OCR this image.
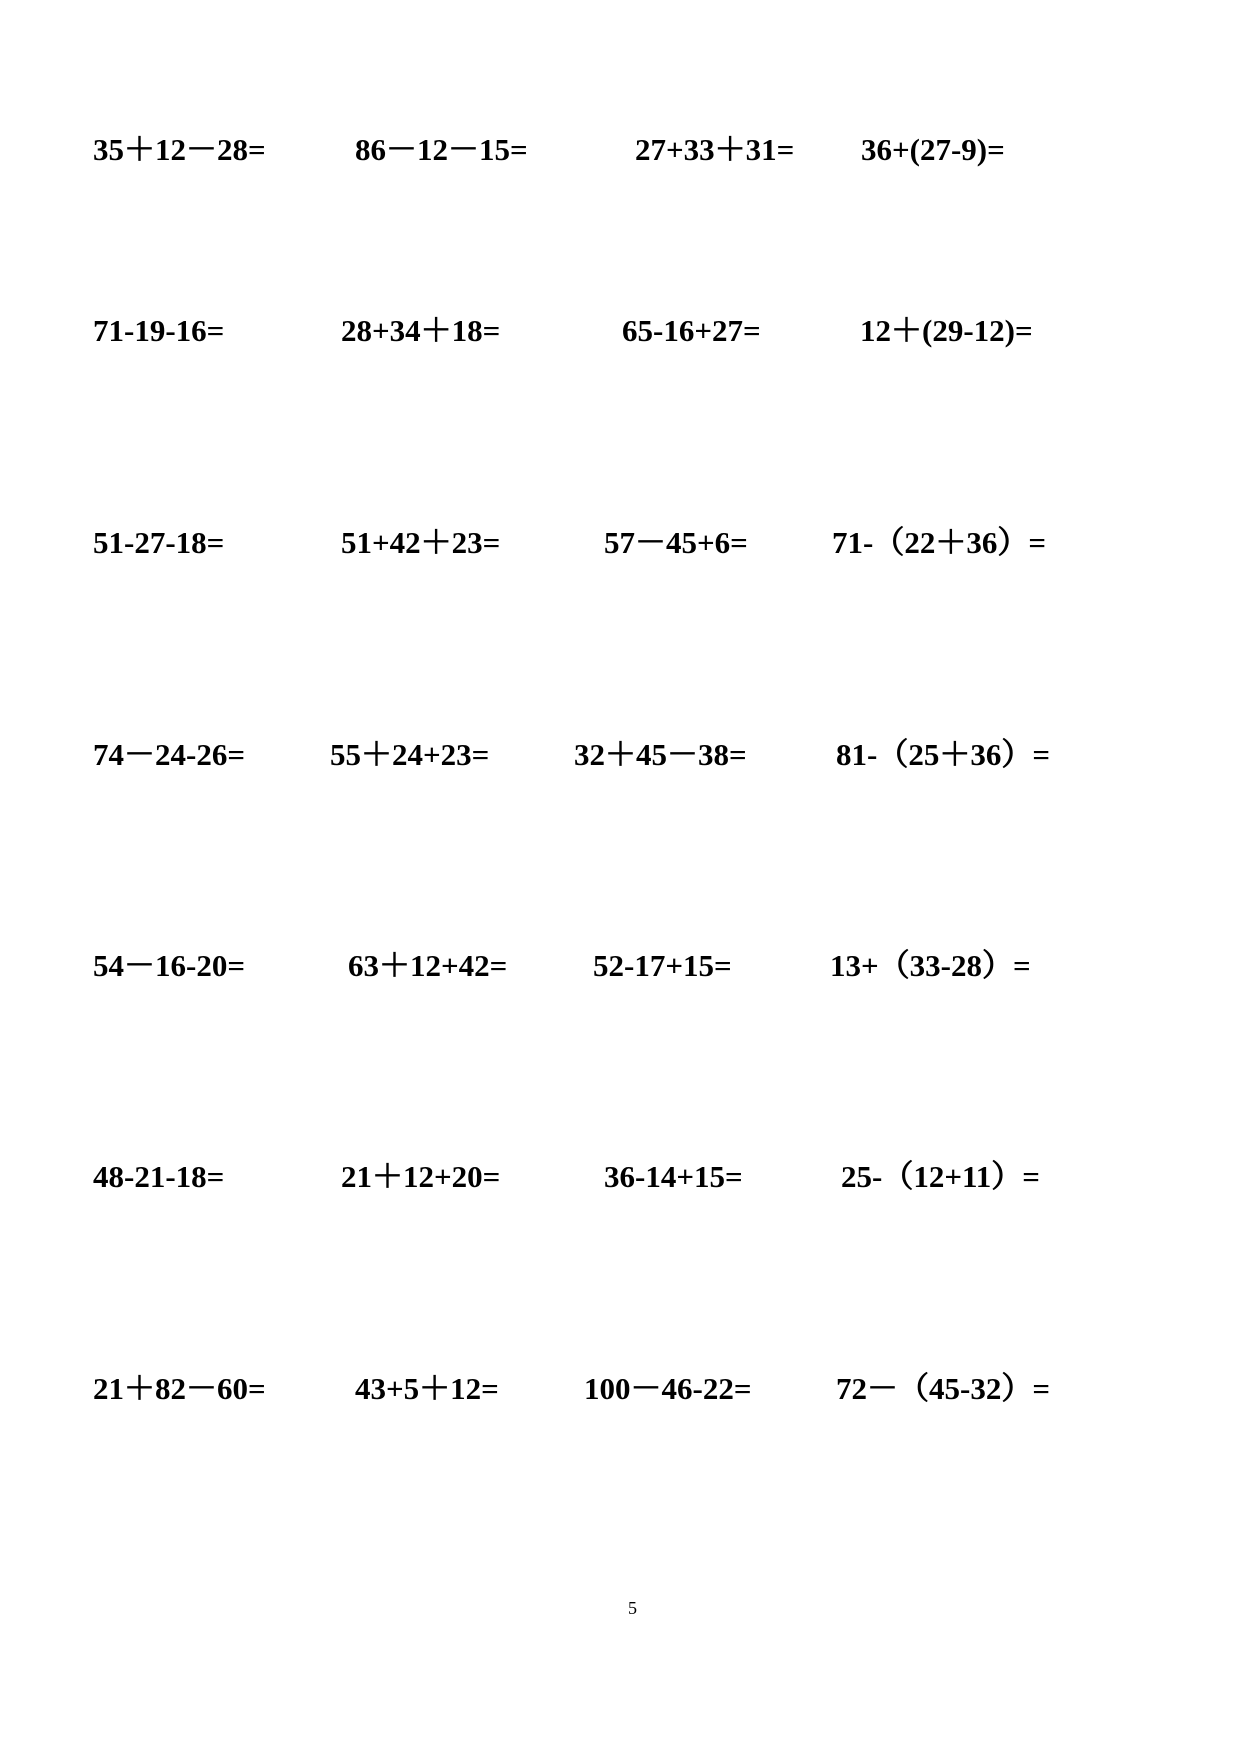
35＋12－28=	86－12－15=	27+33＋31= 36+(27-9)=
71-19-16=	28+34＋18=	65-16+27=	12＋(29-12)=
51-27-18=	51+42＋23=	57－45+6=	71-（22＋36）=
74－24-26=	55＋24+23=	32＋45－38=	81-（25＋36）=
54－16-20=	63＋12+42=	52-17+15=	13+（33-28）=
48-21-18=	21＋12+20=	36-14+15=	25-（12+11）=
21＋82－60=	43+5＋12=	100－46-22=	72－（45-32）=
5
